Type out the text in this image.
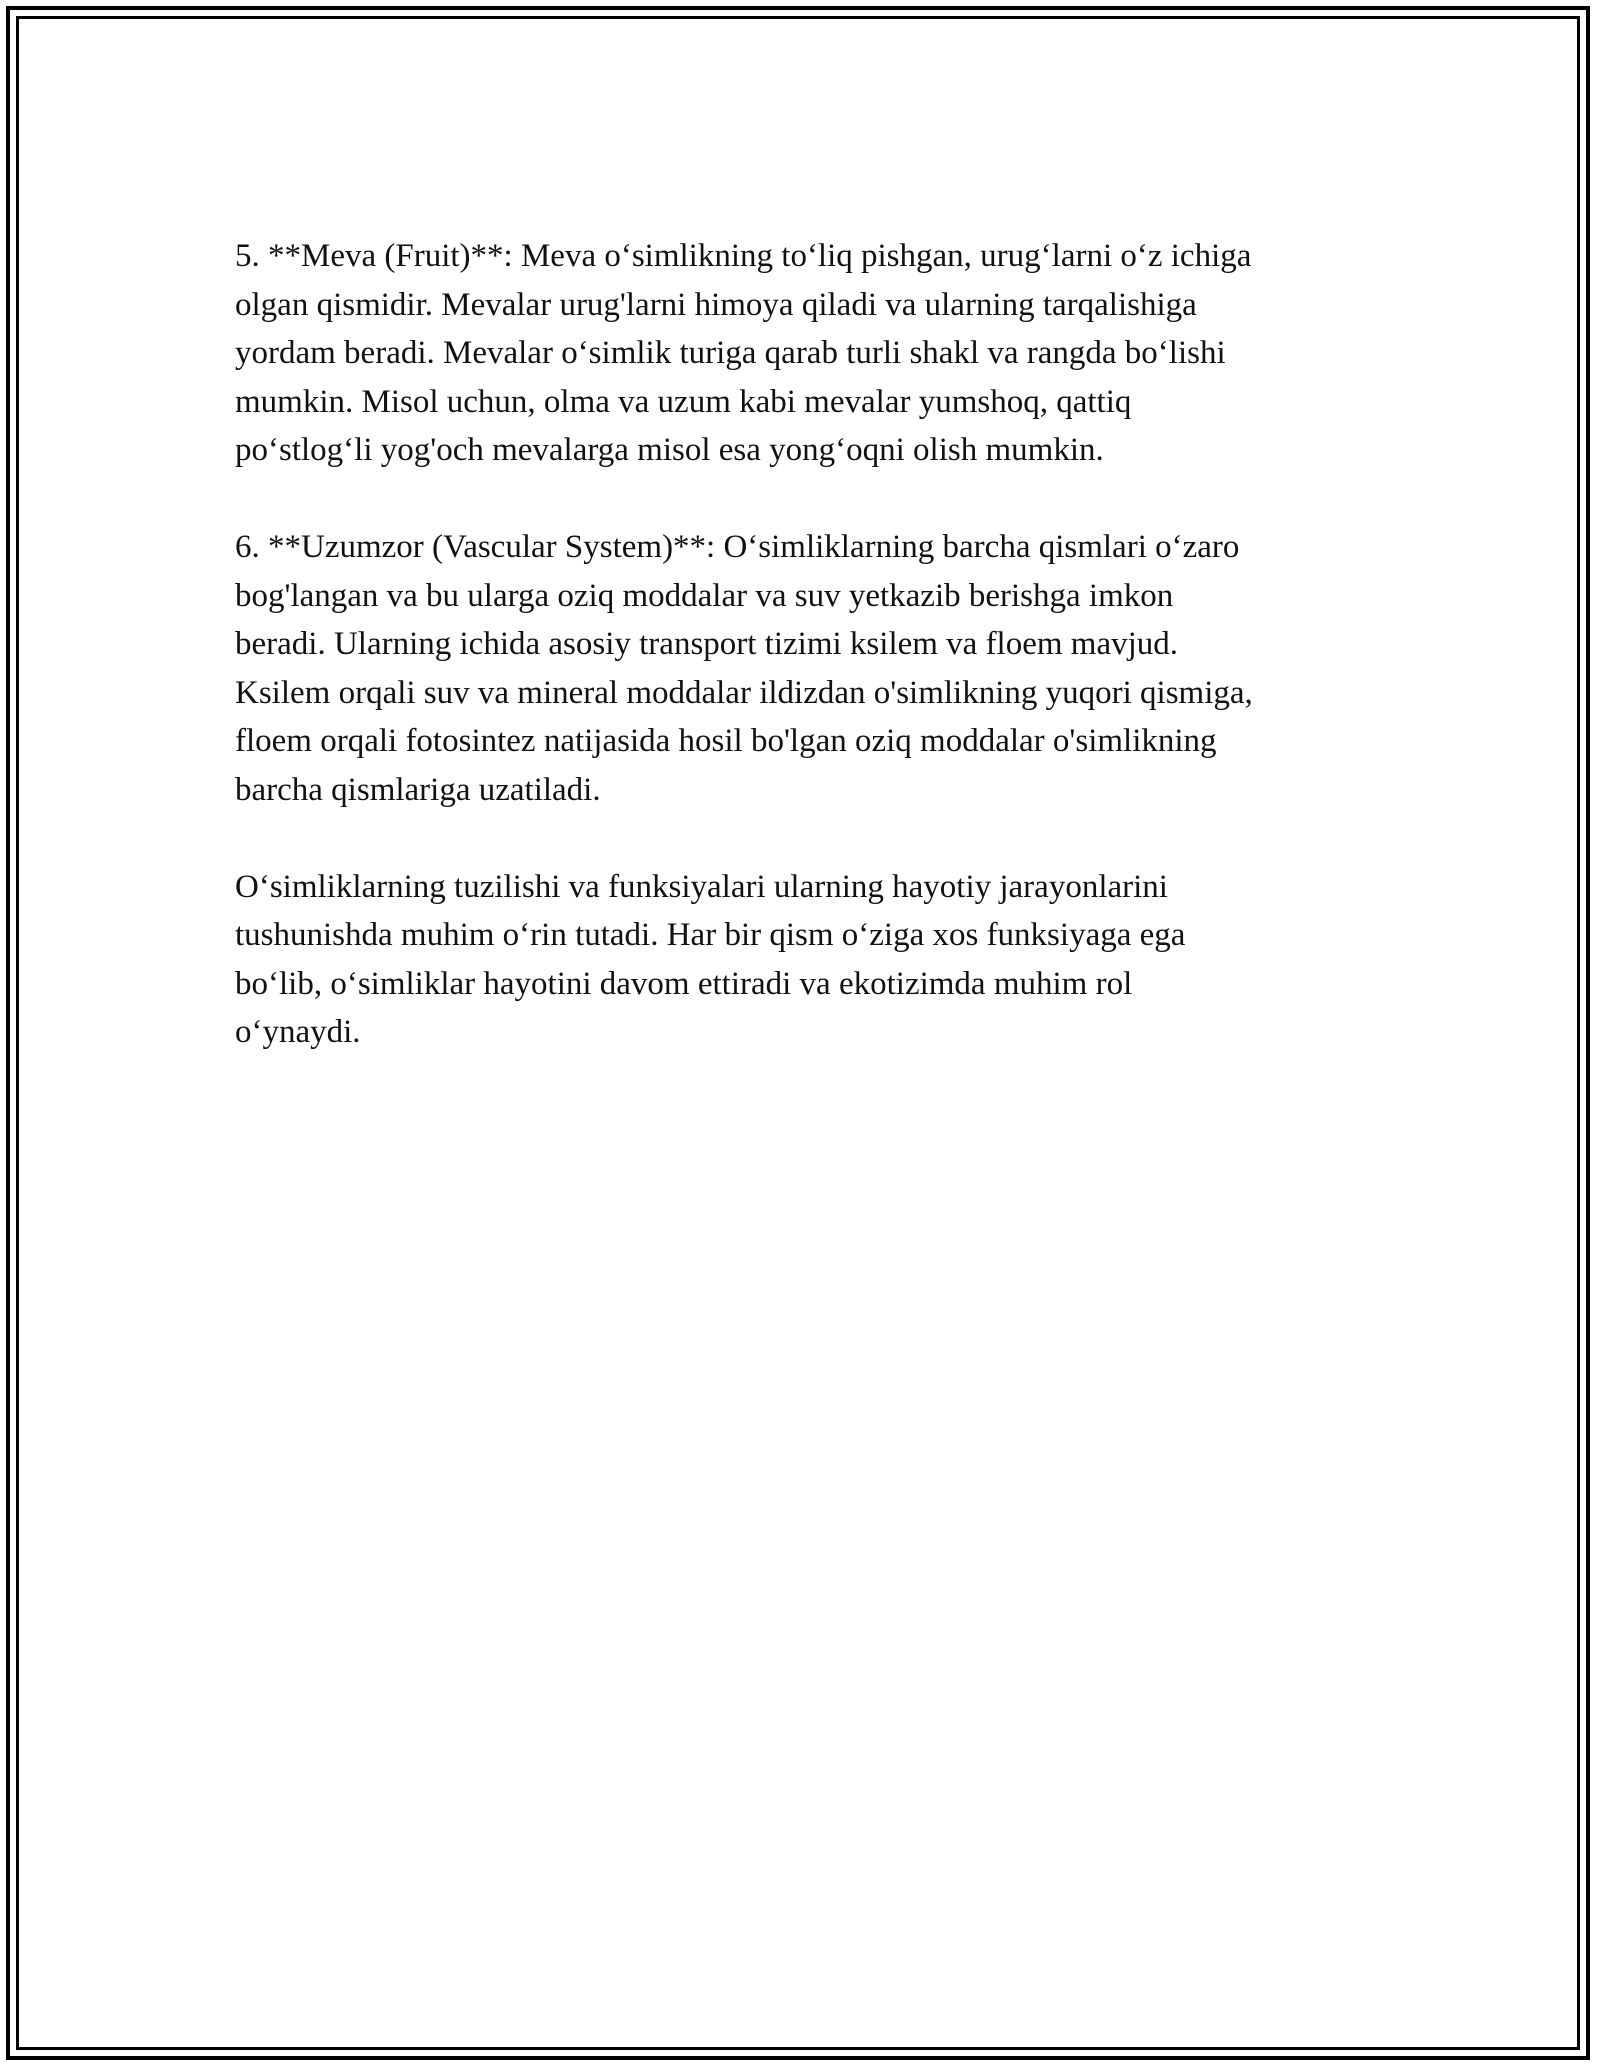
5. **Meva (Fruit)**: Meva o‘simlikning to‘liq pishgan, urug‘larni o‘z ichiga
olgan qismidir. Mevalar urug'larni himoya qiladi va ularning tarqalishiga
yordam beradi. Mevalar o‘simlik turiga qarab turli shakl va rangda bo‘lishi
mumkin. Misol uchun, olma va uzum kabi mevalar yumshoq, qattiq
po‘stlog‘li yog'och mevalarga misol esa yong‘oqni olish mumkin.

6. **Uzumzor (Vascular System)**: O‘simliklarning barcha qismlari o‘zaro
bog'langan va bu ularga oziq moddalar va suv yetkazib berishga imkon
beradi. Ularning ichida asosiy transport tizimi ksilem va floem mavjud.
Ksilem orqali suv va mineral moddalar ildizdan o'simlikning yuqori qismiga,
floem orqali fotosintez natijasida hosil bo'lgan oziq moddalar o'simlikning
barcha qismlariga uzatiladi.

O‘simliklarning tuzilishi va funksiyalari ularning hayotiy jarayonlarini
tushunishda muhim o‘rin tutadi. Har bir qism o‘ziga xos funksiyaga ega
bo‘lib, o‘simliklar hayotini davom ettiradi va ekotizimda muhim rol
o‘ynaydi.
